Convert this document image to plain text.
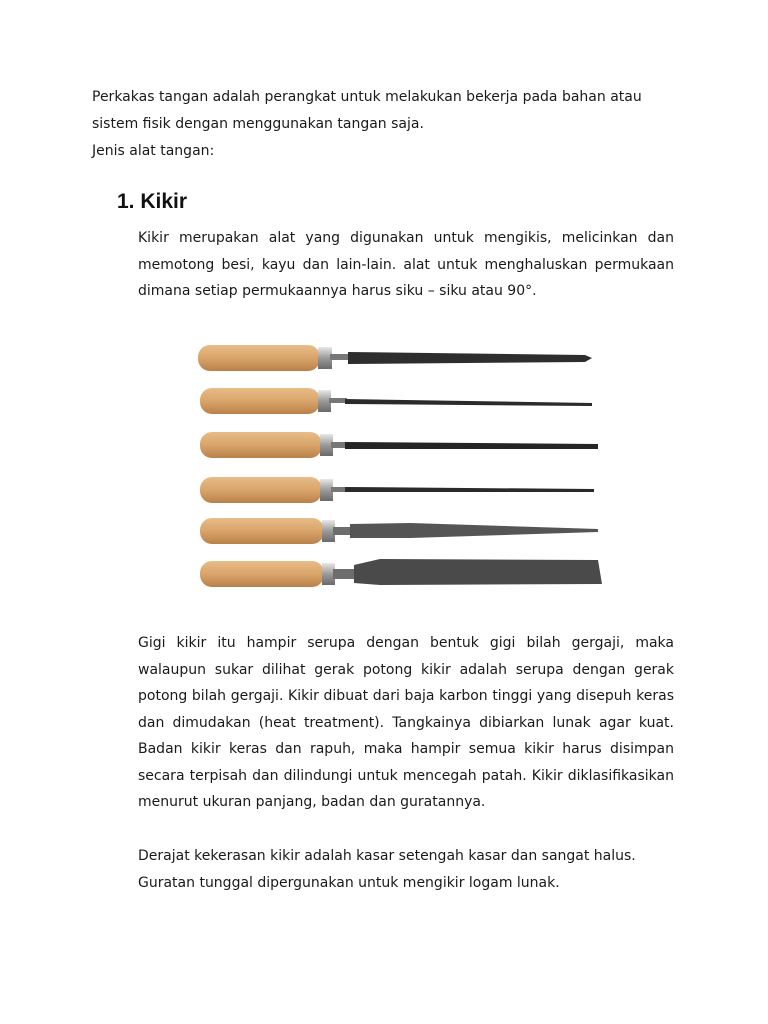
Perkakas tangan adalah perangkat untuk melakukan bekerja pada bahan atau
sistem fisik dengan menggunakan tangan saja.
Jenis alat tangan:
1. Kikir

Kikir merupakan alat yang digunakan untuk mengikis, melicinkan dan memotong besi, kayu dan lain-lain. alat untuk menghaluskan permukaan dimana setiap permukaannya harus siku – siku atau 90°.

Gigi kikir itu hampir serupa dengan bentuk gigi bilah gergaji, maka walaupun sukar dilihat gerak potong kikir adalah serupa dengan gerak potong bilah gergaji. Kikir dibuat dari baja karbon tinggi yang disepuh keras dan dimudakan (heat treatment). Tangkainya dibiarkan lunak agar kuat. Badan kikir keras dan rapuh, maka hampir semua kikir harus disimpan secara terpisah dan dilindungi untuk mencegah patah. Kikir diklasifikasikan menurut ukuran panjang, badan dan guratannya.

Derajat kekerasan kikir adalah kasar setengah kasar dan sangat halus.
Guratan tunggal dipergunakan untuk mengikir logam lunak.
